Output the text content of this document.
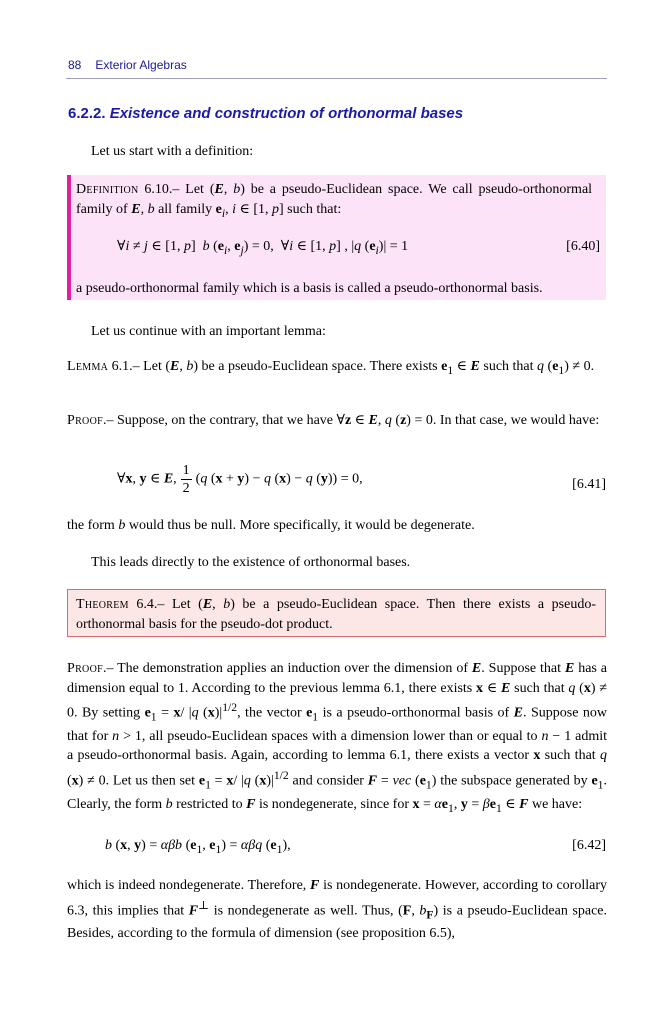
88 Exterior Algebras
6.2.2. Existence and construction of orthonormal bases
Let us start with a definition:
Definition 6.10.– Let (E, b) be a pseudo-Euclidean space. We call pseudo-orthonormal family of E, b all family $e_i$, i ∈ [1, p] such that:
∀i ≠ j ∈ [1, p]  b ($e_i$, $e_j) = 0$,  ∀i ∈ [1, p] , |q $(e_i)| = 1$	[6.40]
a pseudo-orthonormal family which is a basis is called a pseudo-orthonormal basis.
Let us continue with an important lemma:
Lemma 6.1.– Let (E, b) be a pseudo-Euclidean space. There exists $e_1$ ∈ E such that q $(e_1) \ne 0$.
Proof.– Suppose, on the contrary, that we have ∀z ∈ E, q (z) = 0. In that case, we would have:
∀x, y ∈ E, $\frac{1}{2} (q$ (x + y) − q (x) − q (y)) = 0,	[6.41]
the form b would thus be null. More specifically, it would be degenerate.
This leads directly to the existence of orthonormal bases.
Theorem 6.4.– Let (E, b) be a pseudo-Euclidean space. Then there exists a pseudo-orthonormal basis for the pseudo-dot product.
Proof.– The demonstration applies an induction over the dimension of E. Suppose that E has a dimension equal to 1. According to the previous lemma 6.1, there exists x ∈ E such that q (x) ≠ 0. By setting $e_1 = x/$ |q $(x)|^{1/2}$, the vector $e_1$ is a pseudo-orthonormal basis of E. Suppose now that for n > 1, all pseudo-Euclidean spaces with a dimension lower than or equal to n − 1 admit a pseudo-orthonormal basis. Again, according to lemma 6.1, there exists a vector x such that q (x) ≠ 0. Let us then set $e_1 = x/$ |q $(x)|^{1/2}$ and consider F = vec $(e_1)$ the subspace generated by $e_1$. Clearly, the form b restricted to F is nondegenerate, since for $x = \alpha e_1$, $y = \beta e_1$ ∈ F we have:
b (x, y) = αβb ($e_1$, $e_1) = \alpha\beta q$ $(e_1)$,	[6.42]
which is indeed nondegenerate. Therefore, F is nondegenerate. However, according to corollary 6.3, this implies that F⊥ is nondegenerate as well. Thus, (F, $b_F$) is a pseudo-Euclidean space. Besides, according to the formula of dimension (see proposition 6.5),
